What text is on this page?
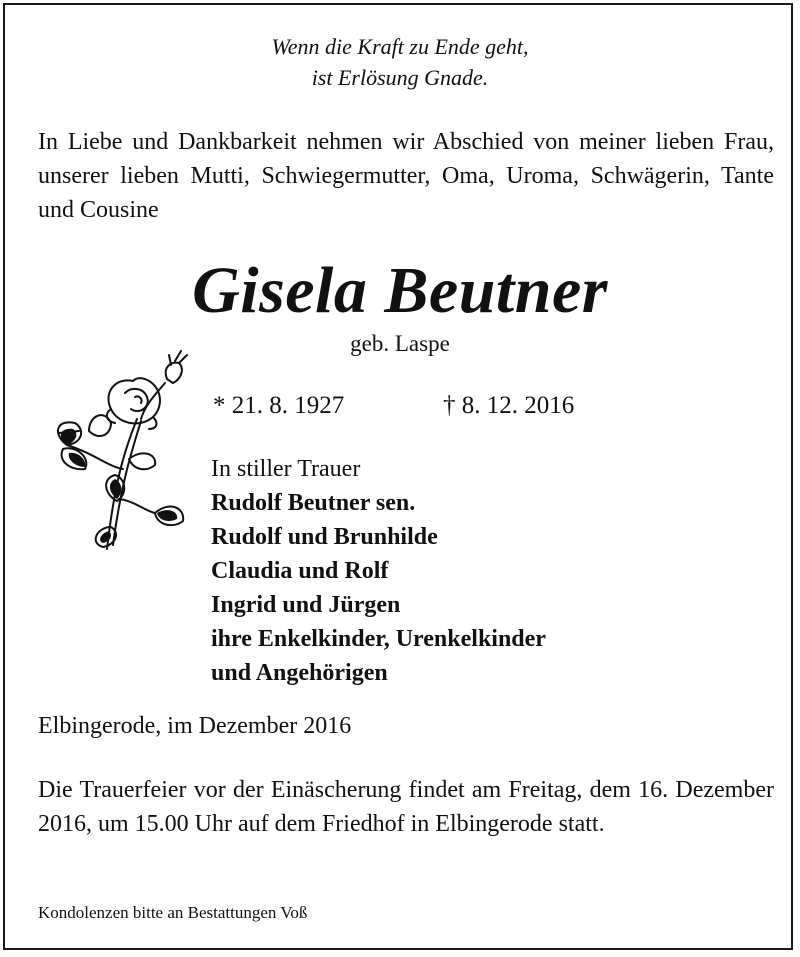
Wenn die Kraft zu Ende geht,
ist Erlösung Gnade.
In Liebe und Dankbarkeit nehmen wir Abschied von meiner lieben Frau, unserer lieben Mutti, Schwiegermutter, Oma, Uroma, Schwägerin, Tante und Cousine
Gisela Beutner
geb. Laspe
* 21. 8. 1927	† 8. 12. 2016
In stiller Trauer
Rudolf Beutner sen.
Rudolf und Brunhilde
Claudia und Rolf
Ingrid und Jürgen
ihre Enkelkinder, Urenkelkinder
und Angehörigen
Elbingerode, im Dezember 2016
Die Trauerfeier vor der Einäscherung findet am Freitag, dem 16. Dezember 2016, um 15.00 Uhr auf dem Friedhof in Elbingerode statt.
Kondolenzen bitte an Bestattungen Voß
